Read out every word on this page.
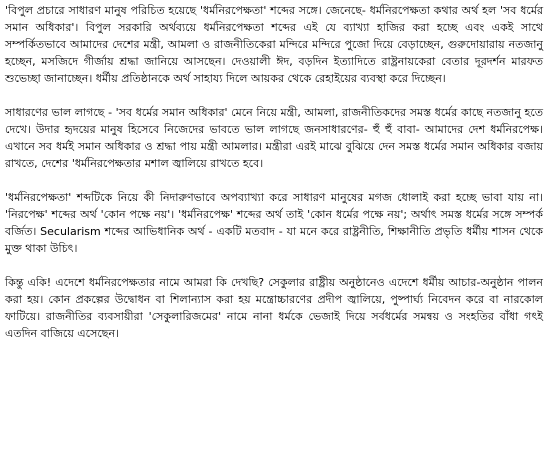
'বিপুল প্রচারে সাধারণ মানুষ পরিচিত হয়েছে 'ধর্মনিরপেক্ষতা' শব্দের সঙ্গে। জেনেছে- ধর্মনিরপেক্ষতা কথার অর্থ হল 'সব ধর্মের সমান অধিকার'। বিপুল সরকারি অর্থব্যয়ে ধর্মনিরপেক্ষতা শব্দের এই যে ব্যাখ্যা হাজির করা হচ্ছে এবং একই সাথে সম্পর্কিতভাবে আমাদের দেশের মন্ত্রী, আমলা ও রাজনীতিকেরা মন্দিরে মন্দিরে পুজো দিয়ে বেড়াচ্ছেন, গুরুদোয়ারায় নতজানু হচ্ছেন, মসজিদে গীর্জায় শ্রদ্ধা জানিয়ে আসছেন। দেওয়ালী ঈদ, বড়দিন ইত্যাদিতে রাষ্ট্রনায়কেরা বেতার দূরদর্শন মারফত শুভেচ্ছা জানাচ্ছেন। ধর্মীয় প্রতিষ্ঠানকে অর্থ সাহায্য দিলে আয়কর থেকে রেহাইয়ের ব্যবস্থা করে দিচ্ছেন।

সাধারণের ভাল লাগছে - 'সব ধর্মের সমান অধিকার' মেনে নিয়ে মন্ত্রী, আমলা, রাজনীতিকদের সমস্ত ধর্মের কাছে নতজানু হতে দেখে। উদার হৃদয়ের মানুষ হিসেবে নিজেদের ভাবতে ভাল লাগছে জনসাধারণের- হুঁ হুঁ বাবা- আমাদের দেশ ধর্মনিরপেক্ষ। এখানে সব ধর্মই সমান অধিকার ও শ্রদ্ধা পায় মন্ত্রী আমলার। মন্ত্রীরা এরই মাঝে বুঝিয়ে দেন সমস্ত ধর্মের সমান অধিকার বজায় রাখতে, দেশের 'ধর্মনিরপেক্ষতার মশাল জ্বালিয়ে রাখতে হবে।

'ধর্মনিরপেক্ষতা' শব্দটিকে নিয়ে কী নিদারুণভাবে অপব্যাখ্যা করে সাধারণ মানুষের মগজ ধোলাই করা হচ্ছে ভাবা যায় না। 'নিরপেক্ষ' শব্দের অর্থ 'কোন পক্ষে নয়'। 'ধর্মনিরপেক্ষ' শব্দের অর্থ তাই 'কোন ধর্মের পক্ষে নয়'; অর্থাৎ সমস্ত ধর্মের সঙ্গে সম্পর্ক বর্জিত। Secularism শব্দের আভিধানিক অর্থ - একটি মতবাদ - যা মনে করে রাষ্ট্রনীতি, শিক্ষানীতি প্রভৃতি ধর্মীয় শাসন থেকে মুক্ত থাকা উচিৎ।

কিন্তু একি! এদেশে ধর্মনিরপেক্ষতার নামে আমরা কি দেখছি? সেকুলার রাষ্ট্রীয় অনুষ্ঠানেও এদেশে ধর্মীয় আচার-অনুষ্ঠান পালন করা হয়। কোন প্রকল্পের উদ্বোধন বা শিলান্যাস করা হয় মন্ত্রোচ্চারণের প্রদীপ জ্বালিয়ে, পুষ্পার্ঘ্য নিবেদন করে বা নারকোল ফাটিয়ে। রাজনীতির ব্যবসায়ীরা 'সেকুলারিজমের' নামে নানা ধর্মকে ভেজাই দিয়ে সর্বধর্মের সমন্বয় ও সংহতির বাঁধা গৎই এতদিন বাজিয়ে এসেছেন।
